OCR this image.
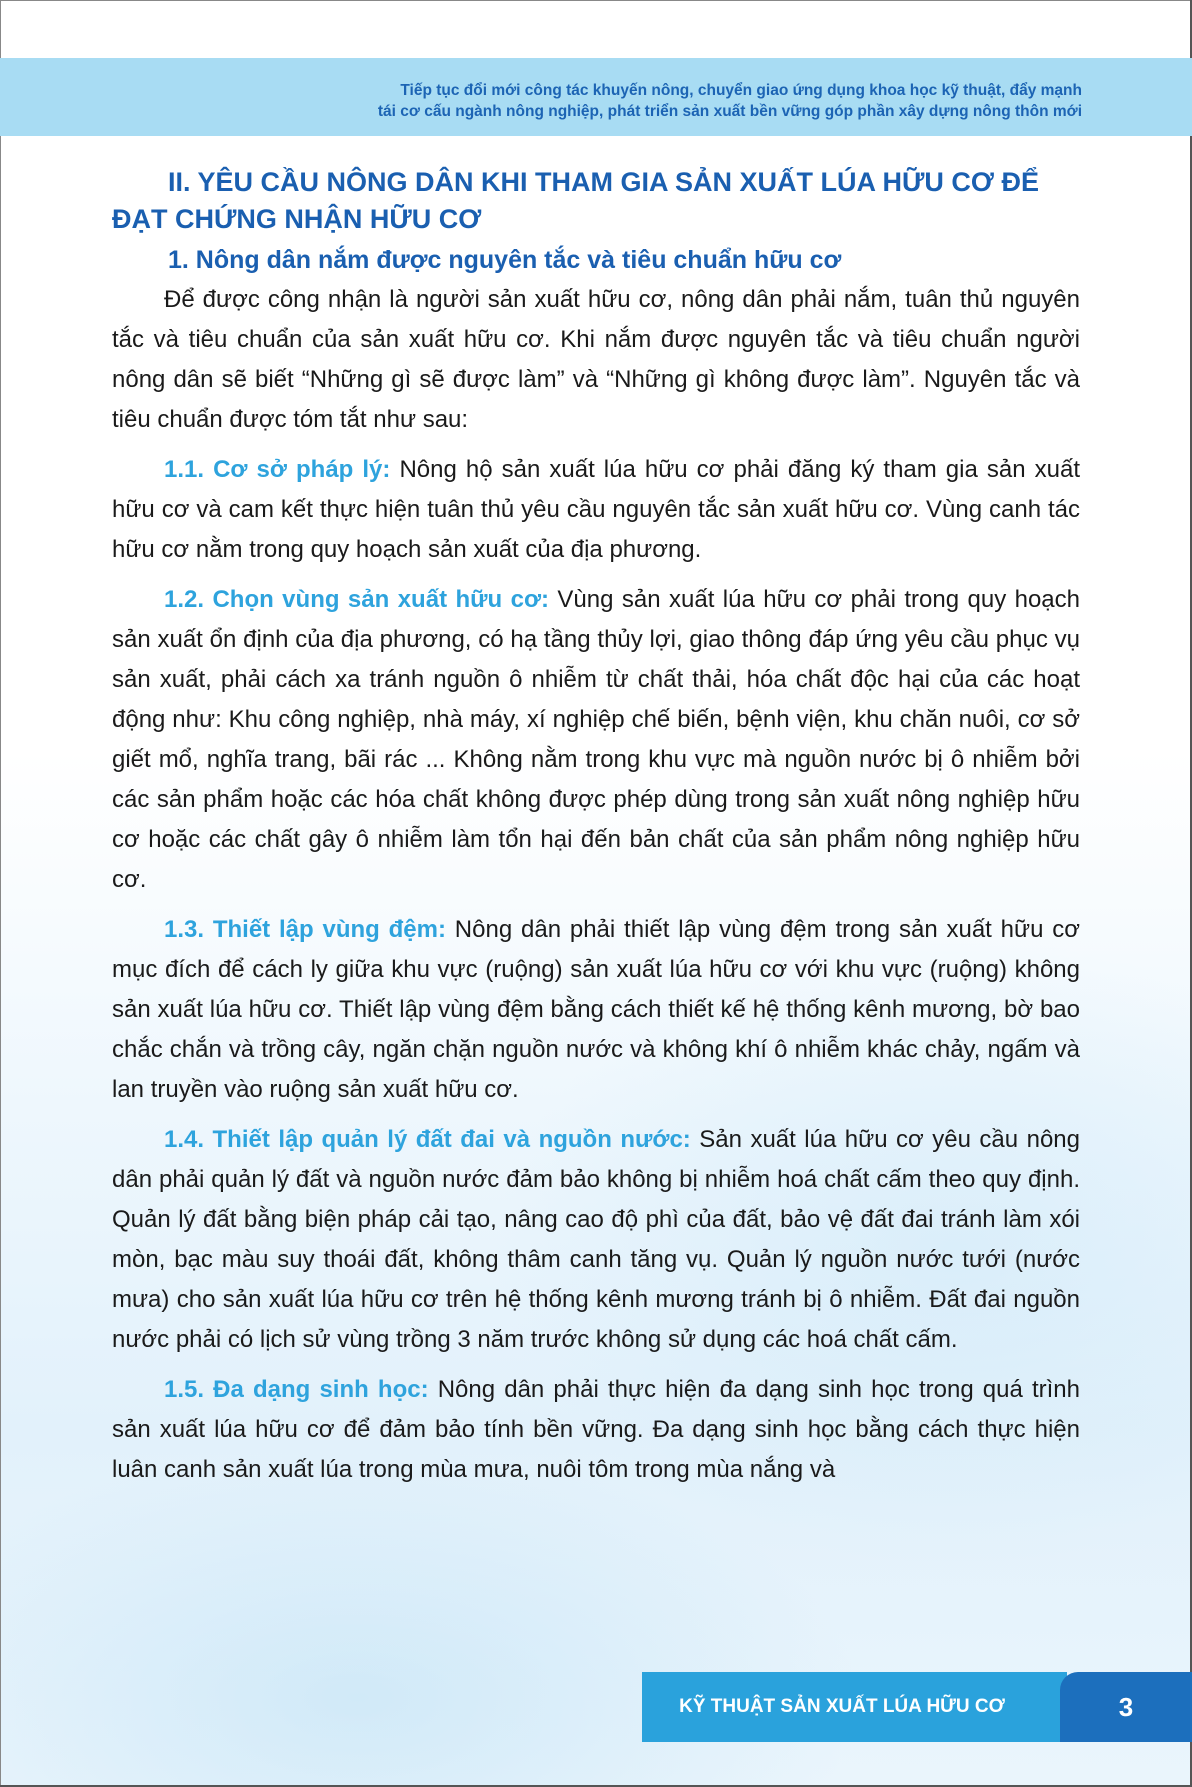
Tiếp tục đổi mới công tác khuyến nông, chuyển giao ứng dụng khoa học kỹ thuật, đẩy mạnh
tái cơ cấu ngành nông nghiệp, phát triển sản xuất bền vững góp phần xây dựng nông thôn mới
II. YÊU CẦU NÔNG DÂN KHI THAM GIA SẢN XUẤT LÚA HỮU CƠ ĐỂ ĐẠT CHỨNG NHẬN HỮU CƠ
1. Nông dân nắm được nguyên tắc và tiêu chuẩn hữu cơ

Để được công nhận là người sản xuất hữu cơ, nông dân phải nắm, tuân thủ nguyên tắc và tiêu chuẩn của sản xuất hữu cơ. Khi nắm được nguyên tắc và tiêu chuẩn người nông dân sẽ biết “Những gì sẽ được làm” và “Những gì không được làm”. Nguyên tắc và tiêu chuẩn được tóm tắt như sau:

1.1. Cơ sở pháp lý: Nông hộ sản xuất lúa hữu cơ phải đăng ký tham gia sản xuất hữu cơ và cam kết thực hiện tuân thủ yêu cầu nguyên tắc sản xuất hữu cơ. Vùng canh tác hữu cơ nằm trong quy hoạch sản xuất của địa phương.

1.2. Chọn vùng sản xuất hữu cơ: Vùng sản xuất lúa hữu cơ phải trong quy hoạch sản xuất ổn định của địa phương, có hạ tầng thủy lợi, giao thông đáp ứng yêu cầu phục vụ sản xuất, phải cách xa tránh nguồn ô nhiễm từ chất thải, hóa chất độc hại của các hoạt động như: Khu công nghiệp, nhà máy, xí nghiệp chế biến, bệnh viện, khu chăn nuôi, cơ sở giết mổ, nghĩa trang, bãi rác ... Không nằm trong khu vực mà nguồn nước bị ô nhiễm bởi các sản phẩm hoặc các hóa chất không được phép dùng trong sản xuất nông nghiệp hữu cơ hoặc các chất gây ô nhiễm làm tổn hại đến bản chất của sản phẩm nông nghiệp hữu cơ.

1.3. Thiết lập vùng đệm: Nông dân phải thiết lập vùng đệm trong sản xuất hữu cơ mục đích để cách ly giữa khu vực (ruộng) sản xuất lúa hữu cơ với khu vực (ruộng) không sản xuất lúa hữu cơ. Thiết lập vùng đệm bằng cách thiết kế hệ thống kênh mương, bờ bao chắc chắn và trồng cây, ngăn chặn nguồn nước và không khí ô nhiễm khác chảy, ngấm và lan truyền vào ruộng sản xuất hữu cơ.

1.4. Thiết lập quản lý đất đai và nguồn nước: Sản xuất lúa hữu cơ yêu cầu nông dân phải quản lý đất và nguồn nước đảm bảo không bị nhiễm hoá chất cấm theo quy định. Quản lý đất bằng biện pháp cải tạo, nâng cao độ phì của đất, bảo vệ đất đai tránh làm xói mòn, bạc màu suy thoái đất, không thâm canh tăng vụ. Quản lý nguồn nước tưới (nước mưa) cho sản xuất lúa hữu cơ trên hệ thống kênh mương tránh bị ô nhiễm. Đất đai nguồn nước phải có lịch sử vùng trồng 3 năm trước không sử dụng các hoá chất cấm.

1.5. Đa dạng sinh học: Nông dân phải thực hiện đa dạng sinh học trong quá trình sản xuất lúa hữu cơ để đảm bảo tính bền vững. Đa dạng sinh học bằng cách thực hiện luân canh sản xuất lúa trong mùa mưa, nuôi tôm trong mùa nắng và

KỸ THUẬT SẢN XUẤT LÚA HỮU CƠ	3
